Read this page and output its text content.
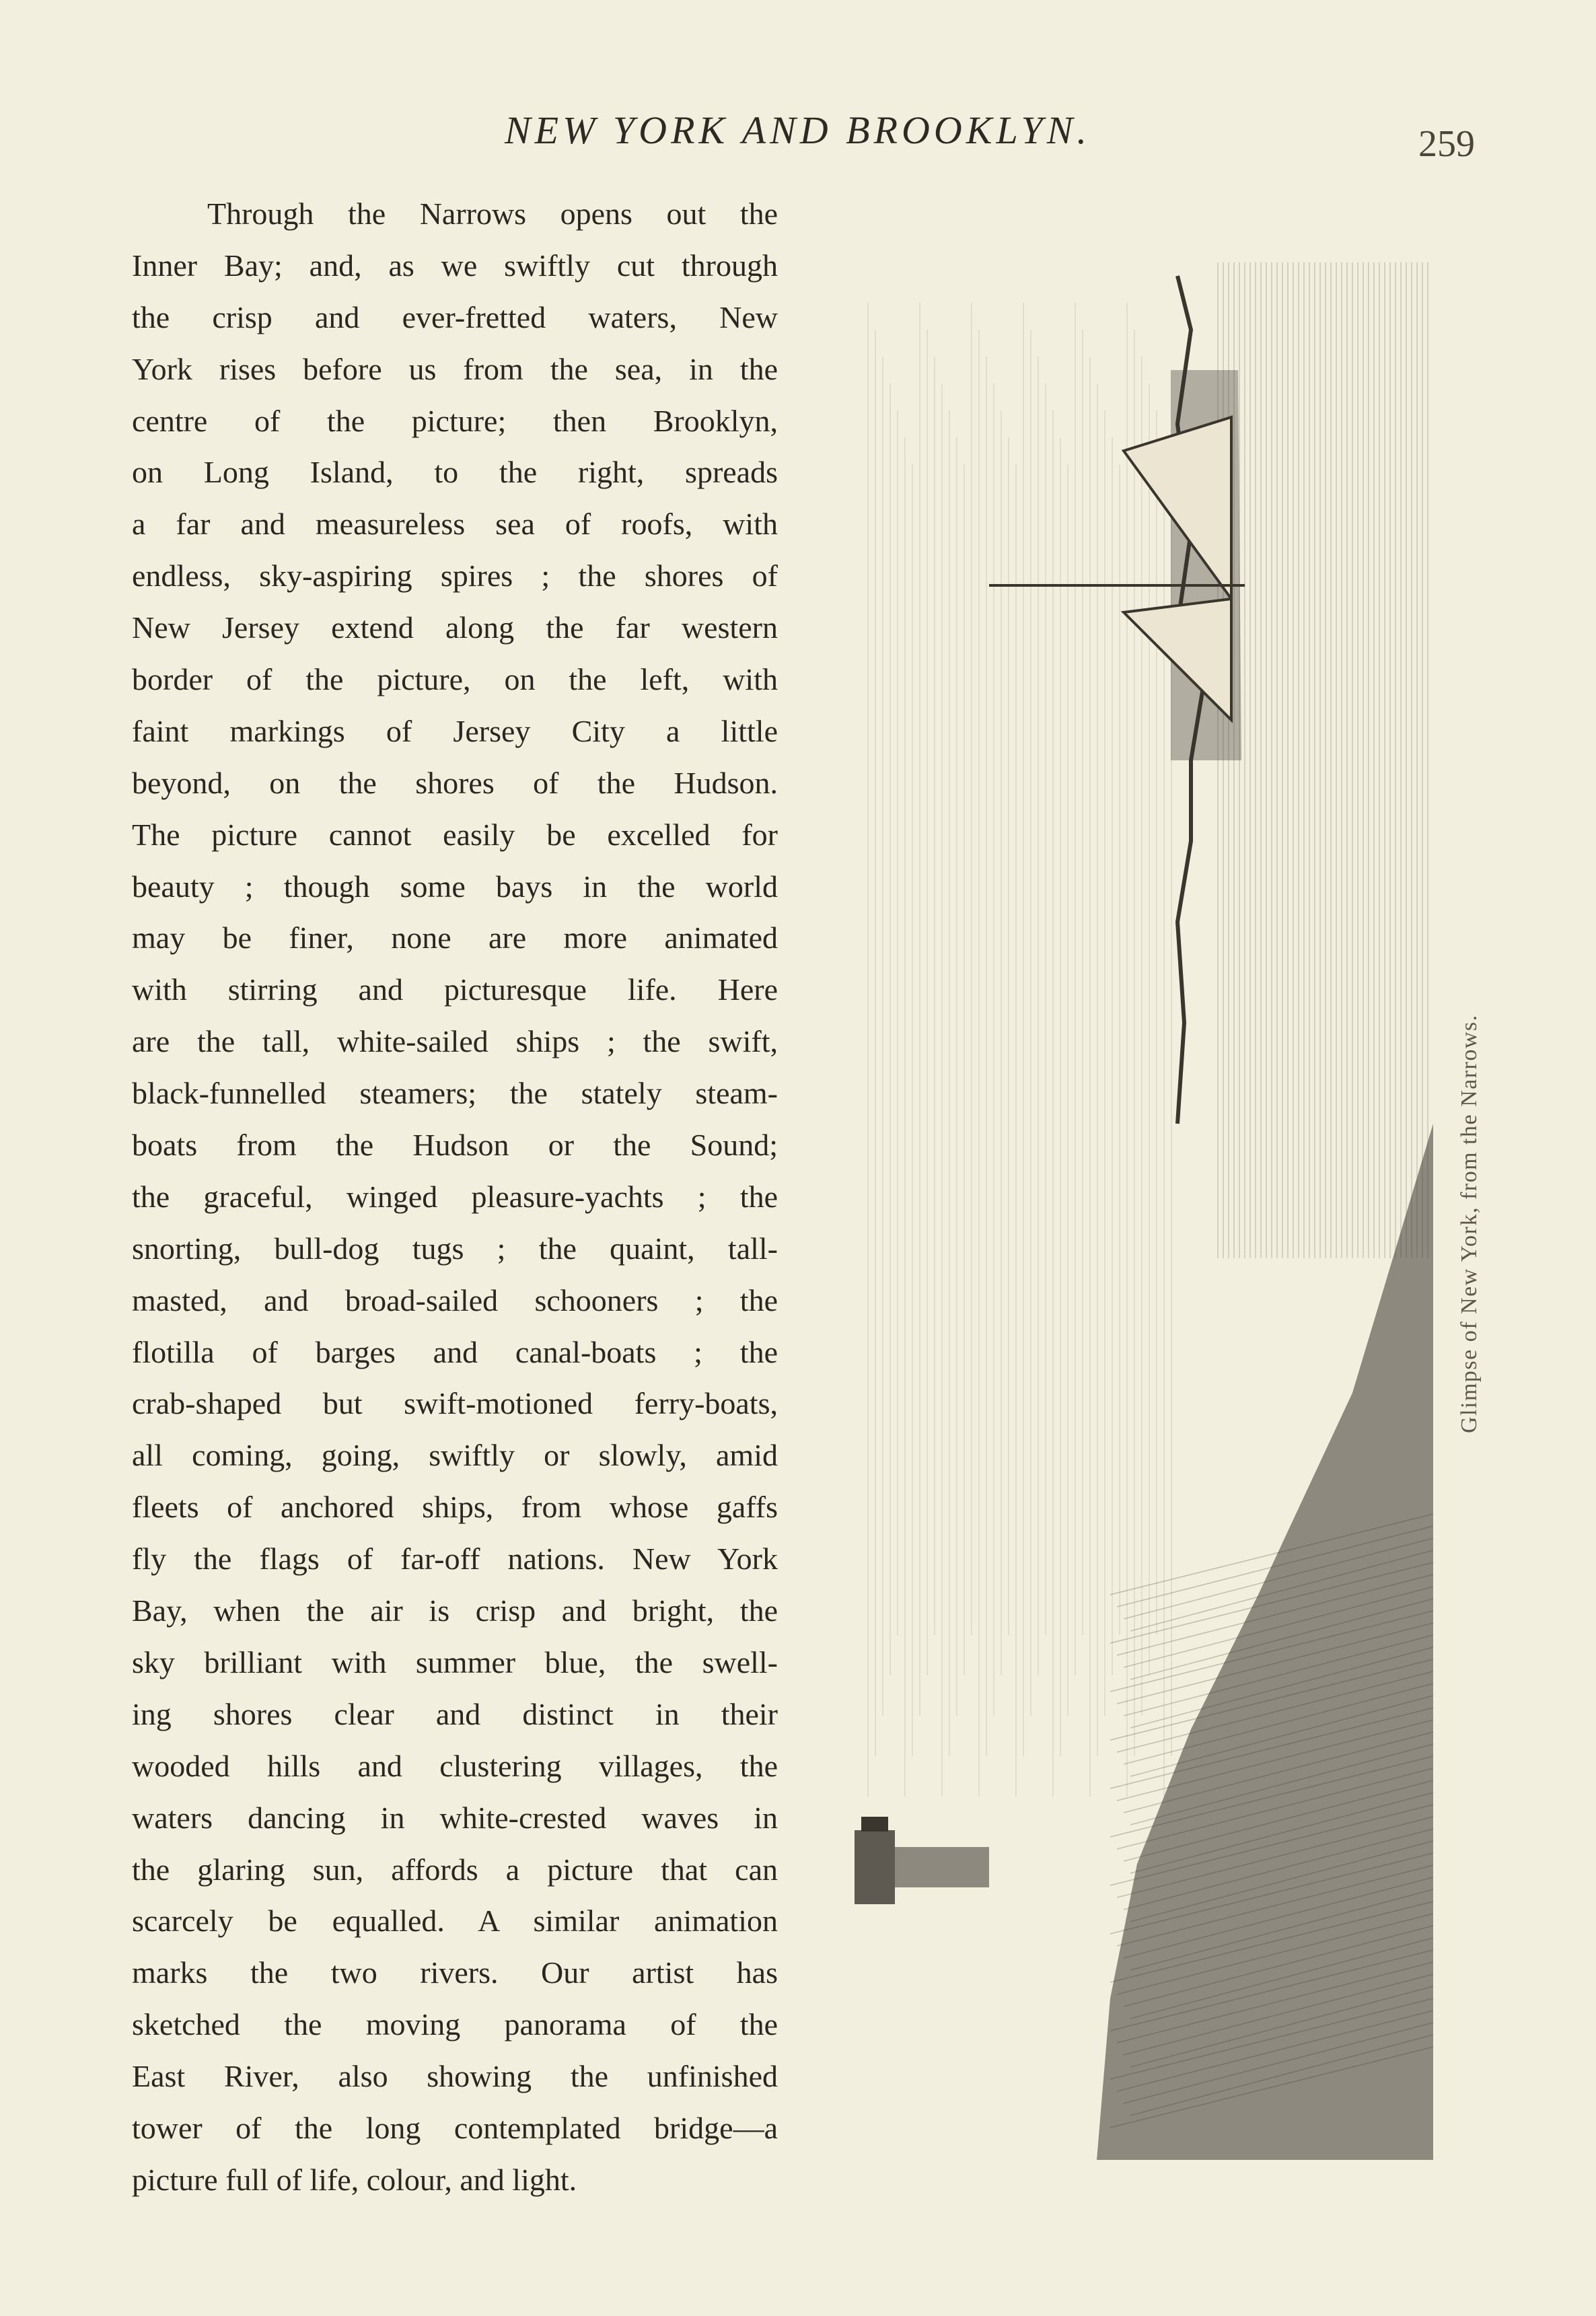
NEW YORK AND BROOKLYN.	259
Through the Narrows opens out the
Inner Bay; and, as we swiftly cut through
the crisp and ever-fretted waters, New
York rises before us from the sea, in the
centre of the picture; then Brooklyn,
on Long Island, to the right, spreads
a far and measureless sea of roofs, with
endless, sky-aspiring spires ; the shores of
New Jersey extend along the far western
border of the picture, on the left, with
faint markings of Jersey City a little
beyond, on the shores of the Hudson.
The picture cannot easily be excelled for
beauty ; though some bays in the world
may be finer, none are more animated
with stirring and picturesque life. Here
are the tall, white-sailed ships ; the swift,
black-funnelled steamers; the stately steam-
boats from the Hudson or the Sound;
the graceful, winged pleasure-yachts ; the
snorting, bull-dog tugs ; the quaint, tall-
masted, and broad-sailed schooners ; the
flotilla of barges and canal-boats ; the
crab-shaped but swift-motioned ferry-boats,
all coming, going, swiftly or slowly, amid
fleets of anchored ships, from whose gaffs
fly the flags of far-off nations. New York
Bay, when the air is crisp and bright, the
sky brilliant with summer blue, the swell-
ing shores clear and distinct in their
wooded hills and clustering villages, the
waters dancing in white-crested waves in
the glaring sun, affords a picture that can
scarcely be equalled. A similar animation
marks the two rivers. Our artist has
sketched the moving panorama of the
East River, also showing the unfinished
tower of the long contemplated bridge—a
picture full of life, colour, and light.
Glimpse of New York, from the Narrows.
